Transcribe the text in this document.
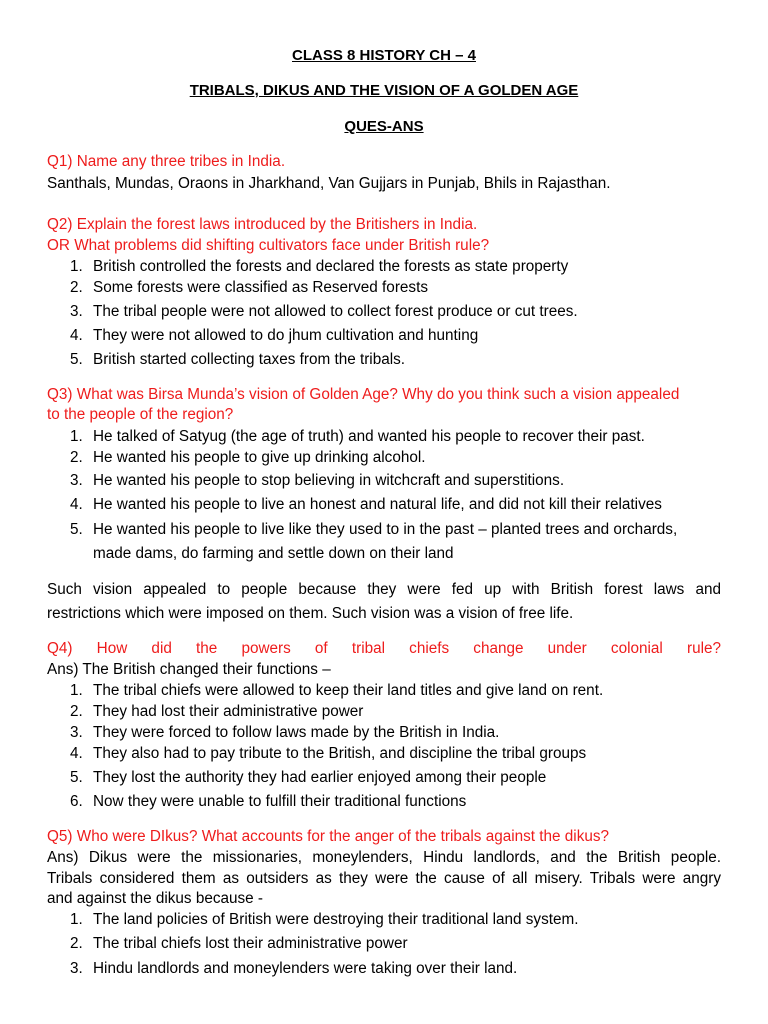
CLASS 8 HISTORY CH – 4
TRIBALS, DIKUS AND THE VISION OF A GOLDEN AGE
QUES-ANS
Q1) Name any three tribes in India.
Santhals, Mundas, Oraons in Jharkhand, Van Gujjars in Punjab, Bhils in Rajasthan.
Q2) Explain the forest laws introduced by the Britishers in India.
OR What problems did shifting cultivators face under British rule?
1. British controlled the forests and declared the forests as state property
2. Some forests were classified as Reserved forests
3. The tribal people were not allowed to collect forest produce or cut trees.
4. They were not allowed to do jhum cultivation and hunting
5. British started collecting taxes from the tribals.
Q3) What was Birsa Munda’s vision of Golden Age? Why do you think such a vision appealed
to the people of the region?
1. He talked of Satyug (the age of truth) and wanted his people to recover their past.
2. He wanted his people to give up drinking alcohol.
3. He wanted his people to stop believing in witchcraft and superstitions.
4. He wanted his people to live an honest and natural life, and did not kill their relatives
5. He wanted his people to live like they used to in the past – planted trees and orchards,
made dams, do farming and settle down on their land
Such vision appealed to people because they were fed up with British forest laws and
restrictions which were imposed on them. Such vision was a vision of free life.
Q4) How did the powers of tribal chiefs change under colonial rule?
Ans) The British changed their functions –
1. The tribal chiefs were allowed to keep their land titles and give land on rent.
2. They had lost their administrative power
3. They were forced to follow laws made by the British in India.
4. They also had to pay tribute to the British, and discipline the tribal groups
5. They lost the authority they had earlier enjoyed among their people
6. Now they were unable to fulfill their traditional functions
Q5) Who were DIkus? What accounts for the anger of the tribals against the dikus?
Ans) Dikus were the missionaries, moneylenders, Hindu landlords, and the British people.
Tribals considered them as outsiders as they were the cause of all misery. Tribals were angry
and against the dikus because -
1. The land policies of British were destroying their traditional land system.
2. The tribal chiefs lost their administrative power
3. Hindu landlords and moneylenders were taking over their land.
